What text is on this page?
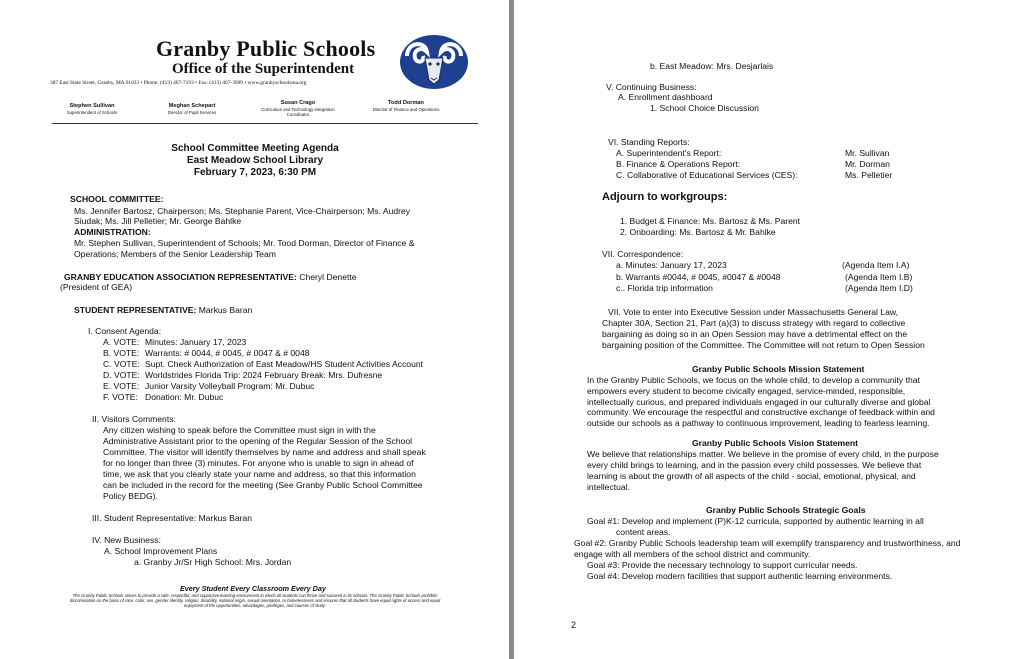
Granby Public Schools
Office of the Superintendent
387 East State Street, Granby, MA 01033 • Phone: (413) 467-7193 • Fax: (413) 467-3909 • www.granbyschoolsma.org
Stephen Sullivan
Superintendent of Schools
Meghan Schepart
Director of Pupil Services
Susan Crago
Curriculum and Technology Integration Coordinator
Todd Dorman
Director of Finance and Operations
School Committee Meeting Agenda
East Meadow School Library
February 7, 2023, 6:30 PM
SCHOOL COMMITTEE:
Ms. Jennifer Bartosz, Chairperson; Ms. Stephanie Parent, Vice-Chairperson; Ms. Audrey
Siudak; Ms. Jill Pelletier; Mr. George Bahlke
ADMINISTRATION:
Mr. Stephen Sullivan, Superintendent of Schools; Mr. Tood Dorman, Director of Finance &
Operations; Members of the Senior Leadership Team
GRANBY EDUCATION ASSOCIATION REPRESENTATIVE: Cheryl Denette
(President of GEA)
STUDENT REPRESENTATIVE: Markus Baran
I. Consent Agenda:
A. VOTE: Minutes: January 17, 2023
B. VOTE: Warrants: # 0044, # 0045, # 0047 & # 0048
C. VOTE: Supt. Check Authorization of East Meadow/HS Student Activities Account
D. VOTE: Worldstrides Florida Trip: 2024 February Break: Mrs. Dufresne
E. VOTE: Junior Varsity Volleyball Program: Mr. Dubuc
F. VOTE: Donation: Mr. Dubuc
II. Visitors Comments:
Any citizen wishing to speak before the Committee must sign in with the
Administrative Assistant prior to the opening of the Regular Session of the School
Committee. The visitor will identify themselves by name and address and shall speak
for no longer than three (3) minutes. For anyone who is unable to sign in ahead of
time, we ask that you clearly state your name and address, so that this information
can be included in the record for the meeting (See Granby Public School Committee
Policy BEDG).
III. Student Representative: Markus Baran
IV. New Business:
A. School Improvement Plans
a. Granby Jr/Sr High School: Mrs. Jordan
Every Student Every Classroom Every Day
The Granby Public Schools strives to provide a safe, respectful, and supportive learning environment in which all students can thrive and succeed in its schools. The Granby Public Schools prohibits discrimination on the basis of race, color, sex, gender identity, religion, disability, national origin, sexual orientation, or homelessness and ensures that all students have equal rights of access and equal enjoyment of the opportunities, advantages, privileges, and courses of study.
b. East Meadow: Mrs. Desjarlais
V. Continuing Business:
A. Enrollment dashboard
1. School Choice Discussion
VI. Standing Reports:
A. Superintendent's Report:	Mr. Sullivan
B. Finance & Operations Report:	Mr. Dorman
C. Collaborative of Educational Services (CES):	Ms. Pelletier
Adjourn to workgroups:
1. Budget & Finance: Ms. Bartosz & Ms. Parent
2. Onboarding: Ms. Bartosz & Mr. Bahlke
VII. Correspondence:
a. Minutes: January 17, 2023	(Agenda Item I.A)
b. Warrants #0044, # 0045, #0047 & #0048	(Agenda Item I.B)
c.. Florida trip information	(Agenda Item I.D)
VII. Vote to enter into Executive Session under Massachusetts General Law,
Chapter 30A, Section 21, Part (a)(3) to discuss strategy with regard to collective
bargaining as doing so in an Open Session may have a detrimental effect on the
bargaining position of the Committee. The Committee will not return to Open Session
Granby Public Schools Mission Statement
In the Granby Public Schools, we focus on the whole child, to develop a community that
empowers every student to become civically engaged, service-minded, responsible,
intellectually curious, and prepared individuals engaged in our culturally diverse and global
community. We encourage the respectful and constructive exchange of feedback within and
outside our schools as a pathway to continuous improvement, leading to fearless learning.
Granby Public Schools Vision Statement
We believe that relationships matter. We believe in the promise of every child, in the purpose
every child brings to learning, and in the passion every child possesses. We believe that
learning is about the growth of all aspects of the child - social, emotional, physical, and
intellectual.
Granby Public Schools Strategic Goals
Goal #1: Develop and implement (P)K-12 curricula, supported by authentic learning in all
content areas.
Goal #2: Granby Public Schools leadership team will exemplify transparency and trustworthiness, and
engage with all members of the school district and community.
Goal #3: Provide the necessary technology to support curricular needs.
Goal #4: Develop modern facilities that support authentic learning environments.
2
